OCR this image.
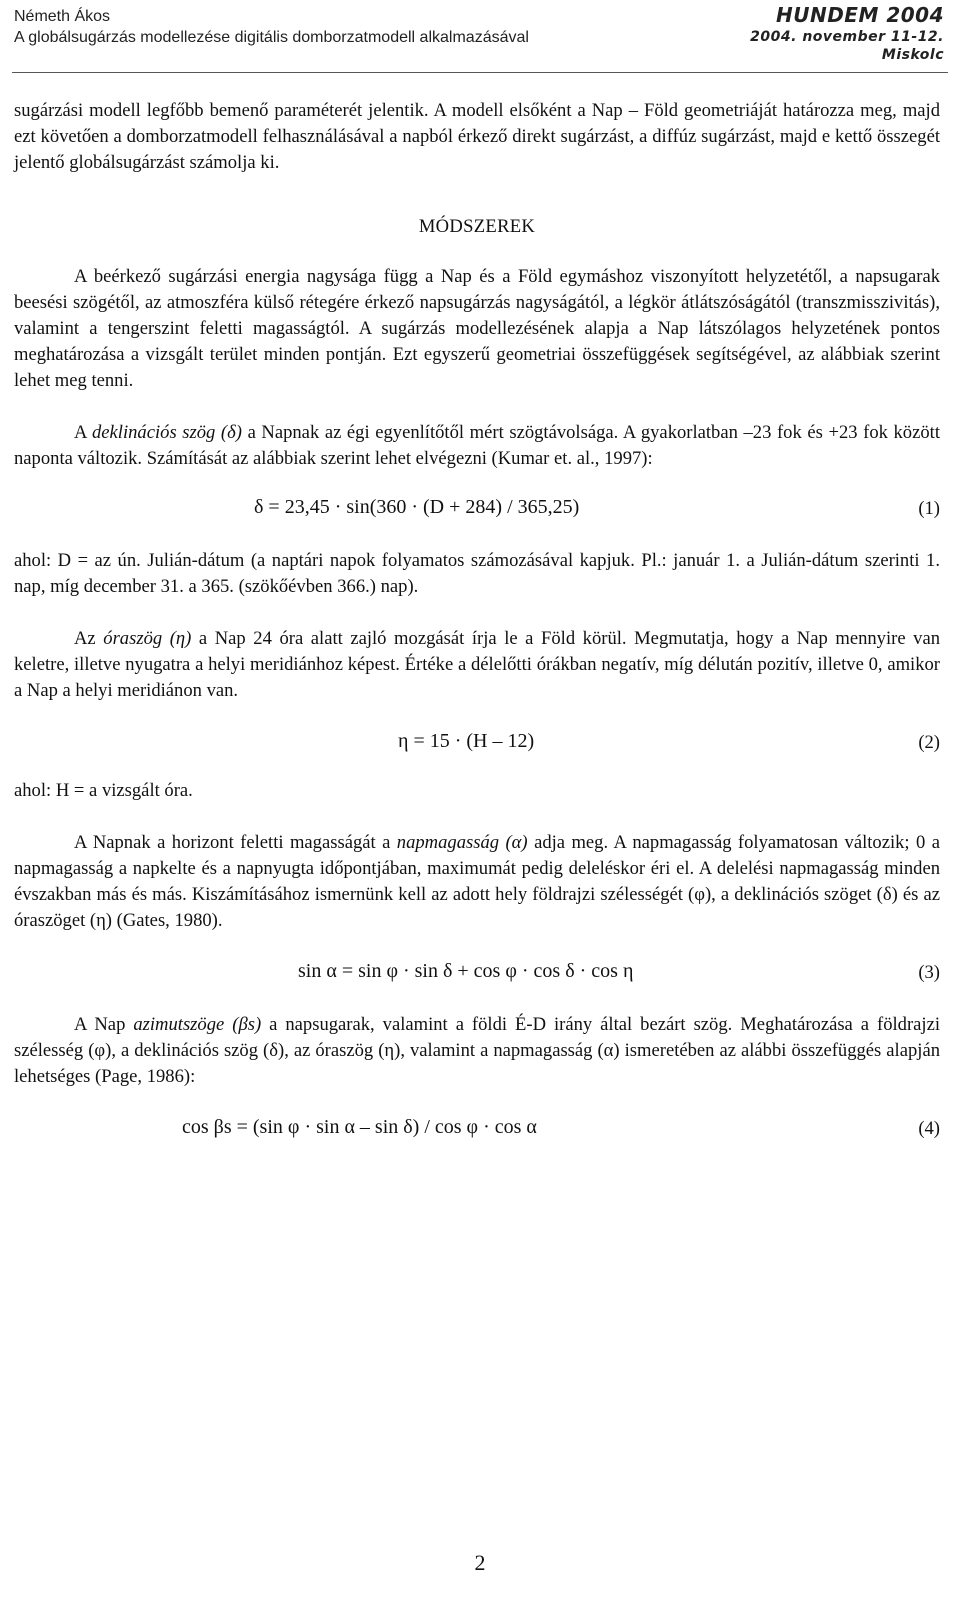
Németh Ákos
A globálsugárzás modellezése digitális domborzatmodell alkalmazásával
HUNDEM 2004
2004. november 11-12.
Miskolc

sugárzási modell legfőbb bemenő paraméterét jelentik. A modell elsőként a Nap – Föld geometriáját határozza meg, majd ezt követően a domborzatmodell felhasználásával a napból érkező direkt sugárzást, a diffúz sugárzást, majd e kettő összegét jelentő globálsugárzást számolja ki.

MÓDSZEREK

A beérkező sugárzási energia nagysága függ a Nap és a Föld egymáshoz viszonyított helyzetétől, a napsugarak beesési szögétől, az atmoszféra külső rétegére érkező napsugárzás nagyságától, a légkör átlátszóságától (transzmisszivitás), valamint a tengerszint feletti magasságtól. A sugárzás modellezésének alapja a Nap látszólagos helyzetének pontos meghatározása a vizsgált terület minden pontján. Ezt egyszerű geometriai összefüggések segítségével, az alábbiak szerint lehet meg tenni.

A deklinációs szög (δ) a Napnak az égi egyenlítőtől mért szögtávolsága. A gyakorlatban –23 fok és +23 fok között naponta változik. Számítását az alábbiak szerint lehet elvégezni (Kumar et. al., 1997):

δ = 23,45 · sin(360 · (D + 284) / 365,25)	(1)

ahol: D = az ún. Julián-dátum (a naptári napok folyamatos számozásával kapjuk. Pl.: január 1. a Julián-dátum szerinti 1. nap, míg december 31. a 365. (szökőévben 366.) nap).

Az óraszög (η) a Nap 24 óra alatt zajló mozgását írja le a Föld körül. Megmutatja, hogy a Nap mennyire van keletre, illetve nyugatra a helyi meridiánhoz képest. Értéke a délelőtti órákban negatív, míg délután pozitív, illetve 0, amikor a Nap a helyi meridiánon van.

η = 15 · (H – 12)	(2)

ahol: H = a vizsgált óra.

A Napnak a horizont feletti magasságát a napmagasság (α) adja meg. A napmagasság folyamatosan változik; 0 a napmagasság a napkelte és a napnyugta időpontjában, maximumát pedig deleléskor éri el. A delelési napmagasság minden évszakban más és más. Kiszámításához ismernünk kell az adott hely földrajzi szélességét (φ), a deklinációs szöget (δ) és az óraszöget (η) (Gates, 1980).

sin α = sin φ · sin δ + cos φ · cos δ · cos η	(3)

A Nap azimutszöge (βs) a napsugarak, valamint a földi É-D irány által bezárt szög. Meghatározása a földrajzi szélesség (φ), a deklinációs szög (δ), az óraszög (η), valamint a napmagasság (α) ismeretében az alábbi összefüggés alapján lehetséges (Page, 1986):

cos βs = (sin φ · sin α – sin δ) / cos φ · cos α	(4)
2
